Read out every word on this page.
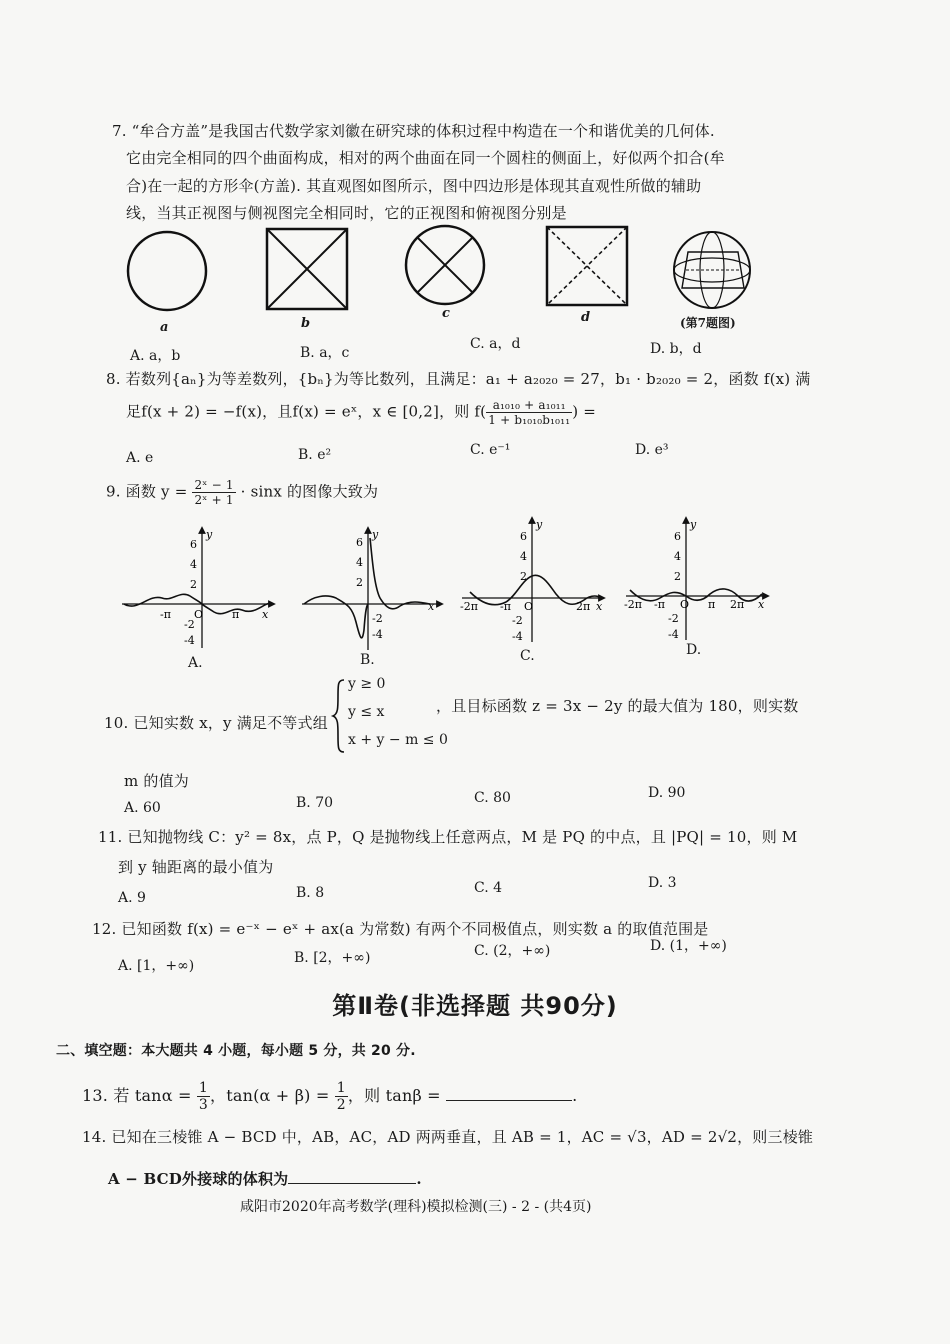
7. “牟合方盖”是我国古代数学家刘徽在研究球的体积过程中构造在一个和谐优美的几何体.
它由完全相同的四个曲面构成，相对的两个曲面在同一个圆柱的侧面上，好似两个扣合(牟
合)在一起的方形伞(方盖). 其直观图如图所示，图中四边形是体现其直观性所做的辅助
线，当其正视图与侧视图完全相同时，它的正视图和俯视图分别是
a	b
c	d	(第7题图)
A. a，b	B. a，c
C. a，d	D. b，d
8. 若数列{aₙ}为等差数列，{bₙ}为等比数列，且满足：a₁ + a₂₀₂₀ = 27，b₁ · b₂₀₂₀ = 2，函数 f(x) 满
足f(x + 2) = −f(x)，且f(x) = eˣ，x ∈ [0,2]，则 $f( \frac{\text{a₁₀₁₀ + a₁₀₁₁}}{\text{1 + b₁₀₁₀b₁₀₁₁}}$ ) =
A. e	B. e²	C. e⁻¹	D. e³
9. 函数 $y = \frac{\text{2ˣ − 1}}{\text{2ˣ + 1}} \cdot \sin x$ 的图像大致为
y
6
4
2
-2
-4
-π	π
O	x
A.
y
6
4
2
-2
-4
x
B.
y
6
4
2
-2
-4
-2π -π O	2π x
C.
y
6
4
2
-2
-4
-2π -π O π 2π x
D.
10. 已知实数 x，y 满足不等式组
y ≥ 0
y ≤ x
x + y − m ≤ 0
，且目标函数 z = 3x − 2y 的最大值为 180，则实数
m 的值为
A. 60	B. 70	C. 80	D. 90
11. 已知抛物线 C：y² = 8x，点 P，Q 是抛物线上任意两点，M 是 PQ 的中点，且 |PQ| = 10，则 M
到 y 轴距离的最小值为
A. 9	B. 8	C. 4	D. 3
12. 已知函数 f(x) = e⁻ˣ − eˣ + ax(a 为常数) 有两个不同极值点，则实数 a 的取值范围是
A. [1，+∞)	B. [2，+∞)	C. (2，+∞)	D. (1，+∞)
第Ⅱ卷(非选择题 共90分)
二、填空题：本大题共 4 小题，每小题 5 分，共 20 分.
13. 若 $\tan\alpha = \frac{1}{3}$ ，$\tan(\alpha + \beta) = \frac{1}{2}$ ，则 tanβ =	.
14. 已知在三棱锥 A − BCD 中，AB，AC，AD 两两垂直，且 AB = 1，AC = √3，AD = 2√2，则三棱锥
A − BCD外接球的体积为	.
咸阳市2020年高考数学(理科)模拟检测(三) - 2 - (共4页)
